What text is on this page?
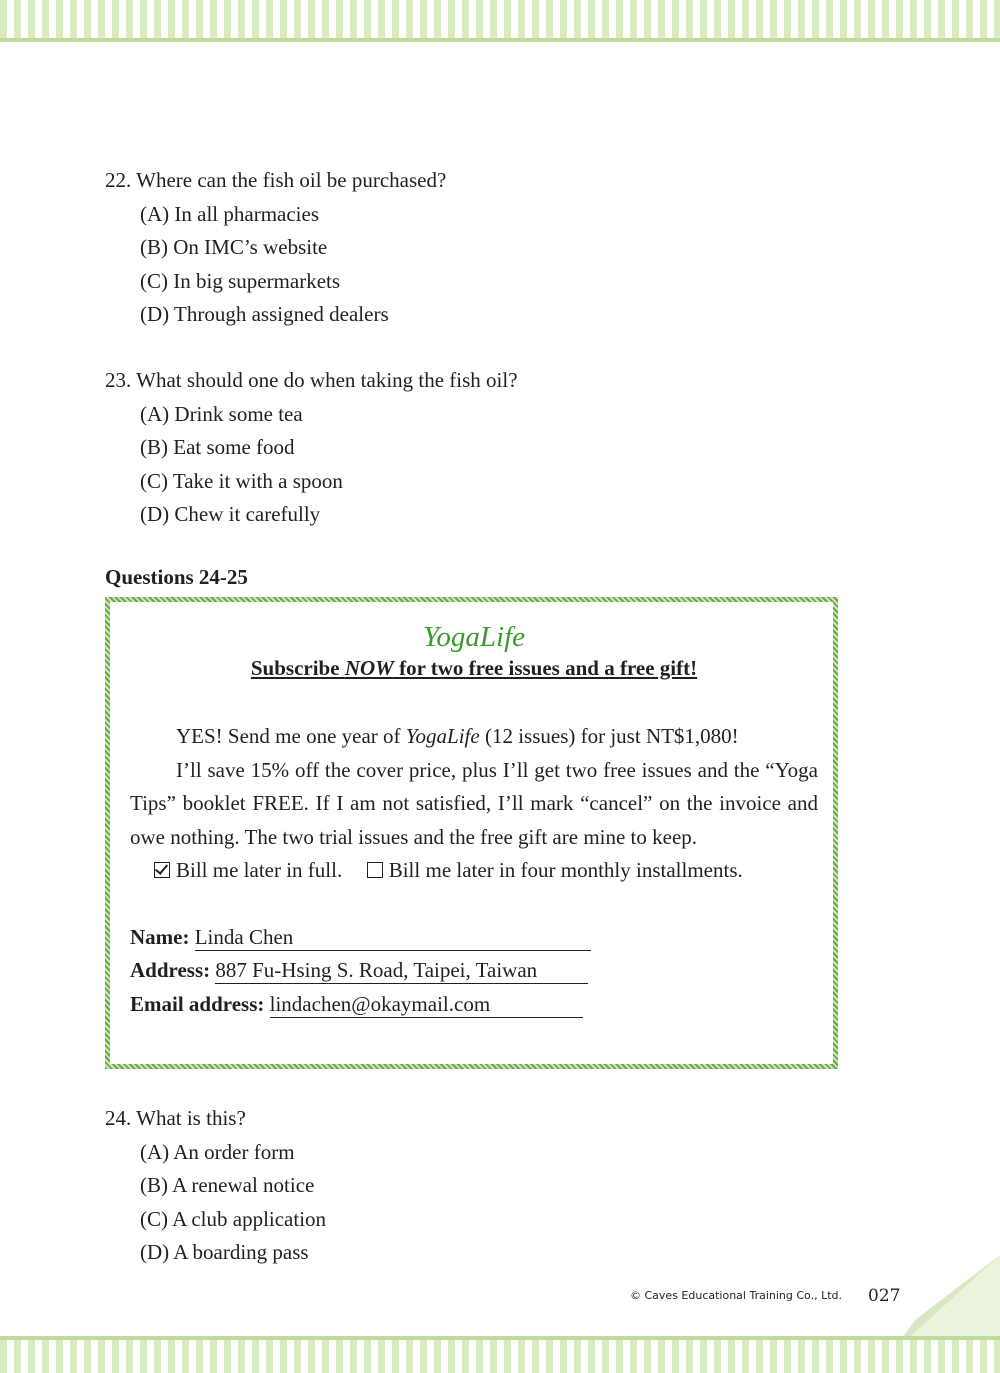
22. Where can the fish oil be purchased?
(A) In all pharmacies
(B) On IMC’s website
(C) In big supermarkets
(D) Through assigned dealers
23. What should one do when taking the fish oil?
(A) Drink some tea
(B) Eat some food
(C) Take it with a spoon
(D) Chew it carefully
Questions 24-25
YogaLife
Subscribe NOW for two free issues and a free gift!
YES! Send me one year of YogaLife (12 issues) for just NT$1,080!
I’ll save 15% off the cover price, plus I’ll get two free issues and the “Yoga Tips” booklet FREE. If I am not satisfied, I’ll mark “cancel” on the invoice and owe nothing. The two trial issues and the free gift are mine to keep.
Bill me later in full. Bill me later in four monthly installments.
Name: Linda Chen
Address: 887 Fu-Hsing S. Road, Taipei, Taiwan
Email address: lindachen@okaymail.com
24. What is this?
(A) An order form
(B) A renewal notice
(C) A club application
(D) A boarding pass
© Caves Educational Training Co., Ltd. 027
